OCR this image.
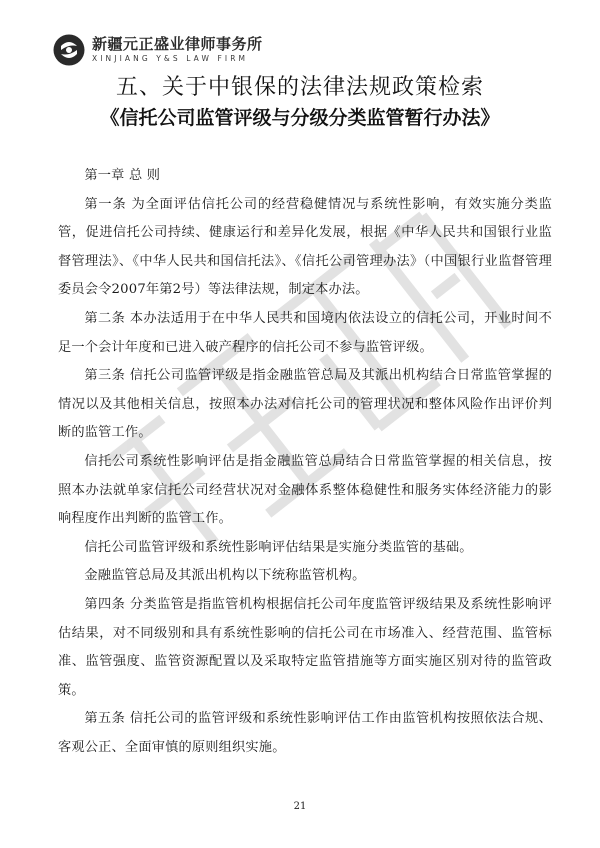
新疆元正盛业律师事务所
XINJIANG Y&S LAW FIRM
五、关于中银保的法律法规政策检索
《信托公司监管评级与分级分类监管暂行办法》

第一章 总 则

第一条 为全面评估信托公司的经营稳健情况与系统性影响，有效实施分类监管，促进信托公司持续、健康运行和差异化发展，根据《中华人民共和国银行业监督管理法》、《中华人民共和国信托法》、《信托公司管理办法》（中国银行业监督管理委员会令2007年第2号）等法律法规，制定本办法。

第二条 本办法适用于在中华人民共和国境内依法设立的信托公司，开业时间不足一个会计年度和已进入破产程序的信托公司不参与监管评级。

第三条 信托公司监管评级是指金融监管总局及其派出机构结合日常监管掌握的情况以及其他相关信息，按照本办法对信托公司的管理状况和整体风险作出评价判断的监管工作。

信托公司系统性影响评估是指金融监管总局结合日常监管掌握的相关信息，按照本办法就单家信托公司经营状况对金融体系整体稳健性和服务实体经济能力的影响程度作出判断的监管工作。

信托公司监管评级和系统性影响评估结果是实施分类监管的基础。

金融监管总局及其派出机构以下统称监管机构。

第四条 分类监管是指监管机构根据信托公司年度监管评级结果及系统性影响评估结果，对不同级别和具有系统性影响的信托公司在市场准入、经营范围、监管标准、监管强度、监管资源配置以及采取特定监管措施等方面实施区别对待的监管政策。

第五条 信托公司的监管评级和系统性影响评估工作由监管机构按照依法合规、客观公正、全面审慎的原则组织实施。

21
